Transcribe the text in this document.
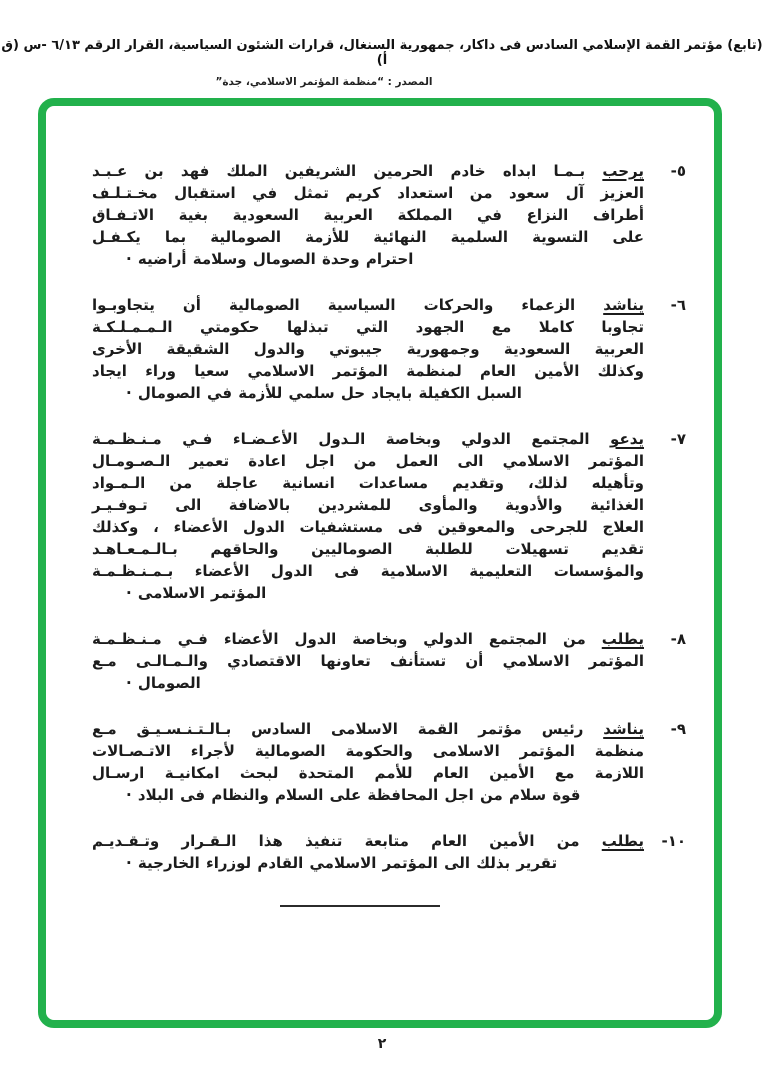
(تابع) مؤتمر القمة الإسلامي السادس فى داكار، جمهورية السنغال، قرارات الشئون السياسية، القرار الرقم ٦/١٣ -س (ق أ)
المصدر : “منظمة المؤتمر الاسلامي، جدة”
٥-
يرحب بـمـا ابداه خادم الحرمين الشريفين الملك فهد بن عـبـد
العزيز آل سعود من استعداد كريم تمثل في استقبال مخـتـلـف
أطراف النزاع في المملكة العربية السعودية بغية الاتـفـاق
على التسوية السلمية النهائية للأزمة الصومالية بما يكـفـل
احترام وحدة الصومال وسلامة أراضيه ·
٦-
يناشد الزعماء والحركات السياسية الصومالية أن يتجاوبـوا
تجاوبا كاملا مع الجهود التي تبذلها حكومتي الـمـمـلـكـة
العربية السعودية وجمهورية جيبوتي والدول الشقيقة الأخرى
وكذلك الأمين العام لمنظمة المؤتمر الاسلامي سعيا وراء ايجاد
السبل الكفيلة بايجاد حل سلمي للأزمة في الصومال ·
٧-
يدعو المجتمع الدولي وبخاصة الـدول الأعـضـاء فـي مـنـظـمـة
المؤتمر الاسلامي الى العمل من اجل اعادة تعمير الـصـومـال
وتأهيله لذلك، وتقديم مساعدات انسانية عاجلة من الـمـواد
الغذائية والأدوية والمأوى للمشردين بالاضافة الى تـوفـيـر
العلاج للجرحى والمعوقين فى مستشفيات الدول الأعضاء ، وكذلك
تقديم تسهيلات للطلبة الصوماليين والحاقهم بـالـمـعـاهـد
والمؤسسات التعليمية الاسلامية فى الدول الأعضاء بـمـنـظـمـة
المؤتمر الاسلامى ·
٨-
يطلب من المجتمع الدولي وبخاصة الدول الأعضاء فـي مـنـظـمـة
المؤتمر الاسلامي أن تستأنف تعاونها الاقتصادي والـمـالـى مـع
الصومال ·
٩-
يناشد رئيس مؤتمر القمة الاسلامى السادس بـالـتـنـسـيـق مـع
منظمة المؤتمر الاسلامى والحكومة الصومالية لأجراء الاتـصـالات
اللازمة مع الأمين العام للأمم المتحدة لبحث امكانيـة ارسـال
قوة سلام من اجل المحافظة على السلام والنظام فى البلاد ·
١٠-
يطلب من الأمين العام متابعة تنفيذ هذا الـقـرار وتـقـديـم
تقرير بذلك الى المؤتمر الاسلامي القادم لوزراء الخارجية ·
٢
